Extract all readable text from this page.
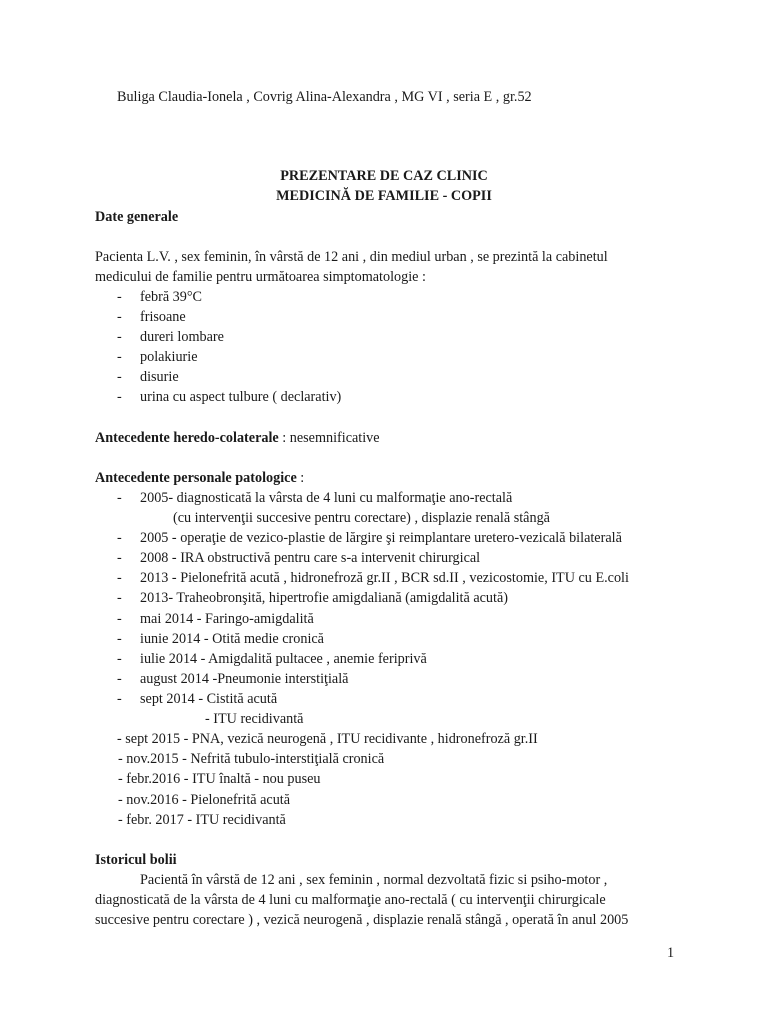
Buliga Claudia-Ionela , Covrig Alina-Alexandra , MG VI , seria E , gr.52
PREZENTARE DE CAZ CLINIC
MEDICINĂ DE FAMILIE - COPII
Date generale
Pacienta L.V. , sex feminin, în vârstă de 12 ani , din mediul urban , se prezintă la cabinetul
medicului de familie pentru următoarea simptomatologie :
- febră 39°C
- frisoane
- dureri lombare
- polakiurie
- disurie
- urina cu aspect tulbure ( declarativ)
Antecedente heredo-colaterale : nesemnificative
Antecedente personale patologice :
- 2005- diagnosticată la vârsta de 4 luni cu malformaţie ano-rectală
(cu intervenţii succesive pentru corectare) , displazie renală stângă
- 2005 - operaţie de vezico-plastie de lărgire şi reimplantare uretero-vezicală bilaterală
- 2008 - IRA obstructivă pentru care s-a intervenit chirurgical
- 2013 - Pielonefrită acută , hidronefroză gr.II , BCR sd.II , vezicostomie, ITU cu E.coli
- 2013- Traheobronşită, hipertrofie amigdaliană (amigdalită acută)
- mai 2014 - Faringo-amigdalită
- iunie 2014 - Otită medie cronică
- iulie 2014 - Amigdalită pultacee , anemie feriprivă
- august 2014 -Pneumonie interstiţială
- sept 2014 - Cistită acută
- ITU recidivantă
- sept 2015 - PNA, vezică neurogenă , ITU recidivante , hidronefroză gr.II
- nov.2015 - Nefrită tubulo-interstiţială cronică
- febr.2016 - ITU înaltă - nou puseu
- nov.2016 - Pielonefrită acută
- febr. 2017 - ITU recidivantă
Istoricul bolii
Pacientă în vârstă de 12 ani , sex feminin , normal dezvoltată fizic si psiho-motor ,
diagnosticată de la vârsta de 4 luni cu malformaţie ano-rectală ( cu intervenţii chirurgicale
succesive pentru corectare ) , vezică neurogenă , displazie renală stângă , operată în anul 2005
1
